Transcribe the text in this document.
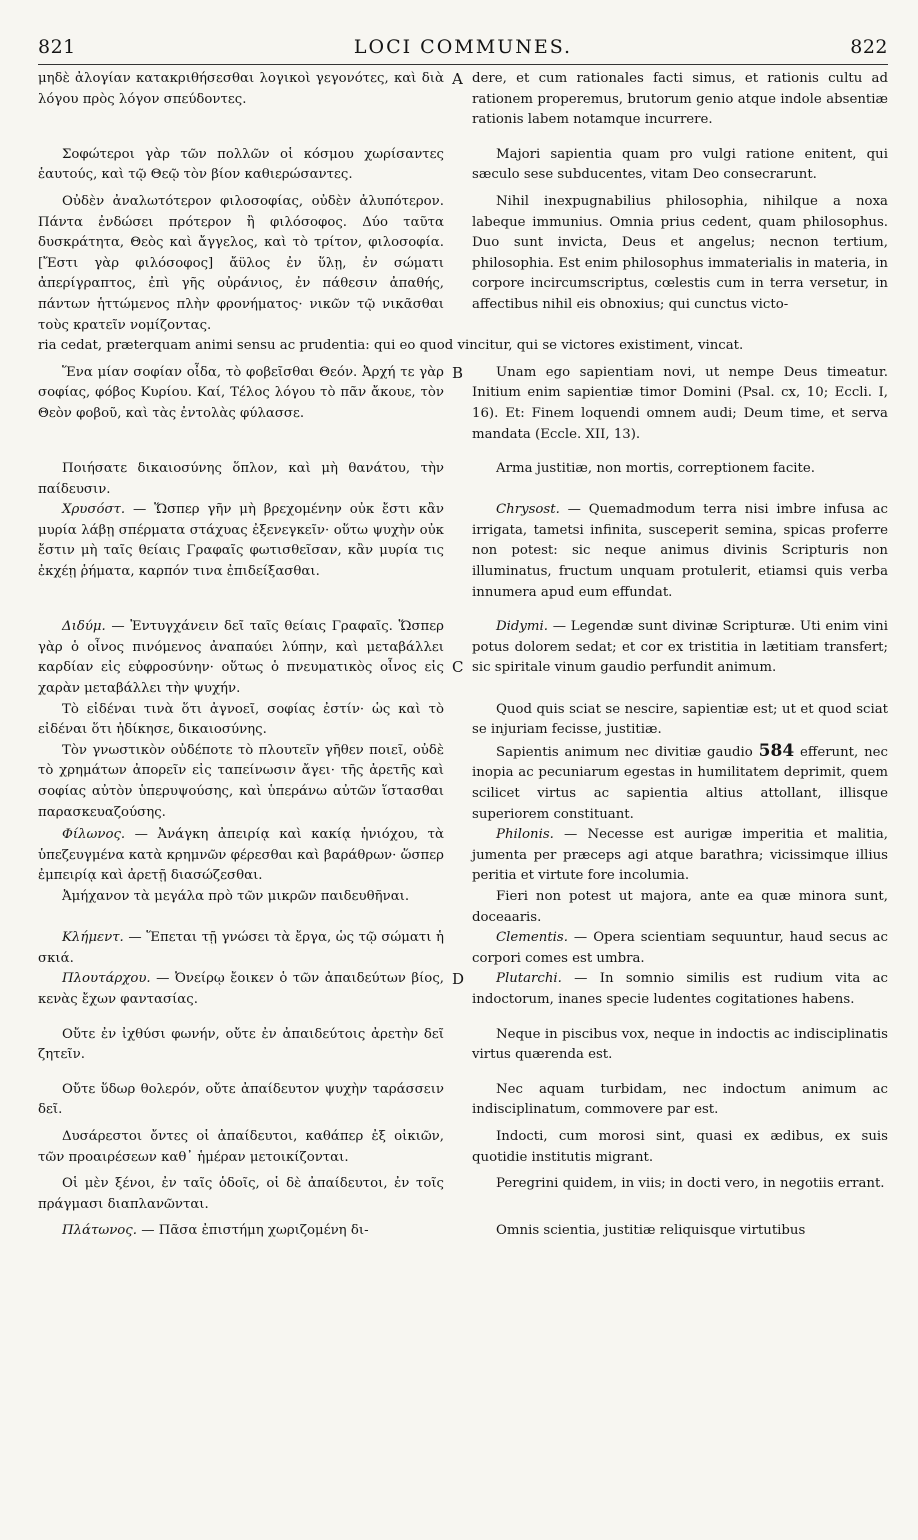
821	LOCI COMMUNES.	822

μηδὲ ἀλογίαν κατακριθήσεσθαι λογικοὶ γεγονότες, καὶ διὰ λόγου πρὸς λόγον σπεύδοντες.

A dere, et cum rationales facti simus, et rationis cultu ad rationem properemus, brutorum genio atque indole absentiæ rationis labem notamque incurrere.

Σοφώτεροι γὰρ τῶν πολλῶν οἱ κόσμου χωρίσαντες ἑαυτούς, καὶ τῷ Θεῷ τὸν βίον καθιερώσαντες.

Majori sapientia quam pro vulgi ratione enitent, qui sæculo sese subducentes, vitam Deo consecrarunt.

Οὐδὲν ἀναλωτότερον φιλοσοφίας, οὐδὲν ἀλυπότερον. Πάντα ἐνδώσει πρότερον ἢ φιλόσοφος. Δύο ταῦτα δυσκράτητα, Θεὸς καὶ ἄγγελος, καὶ τὸ τρίτον, φιλοσοφία. [Ἔστι γὰρ φιλόσοφος] ἄϋλος ἐν ὕλῃ, ἐν σώματι ἀπερίγραπτος, ἐπὶ γῆς οὐράνιος, ἐν πάθεσιν ἀπαθής, πάντων ἡττώμενος πλὴν φρονήματος· νικῶν τῷ νικᾶσθαι τοὺς κρατεῖν νομίζοντας.

Nihil inexpugnabilius philosophia, nihilque a noxa labeque immunius. Omnia prius cedent, quam philosophus. Duo sunt invicta, Deus et angelus; necnon tertium, philosophia. Est enim philosophus immaterialis in materia, in corpore incircumscriptus, cœlestis cum in terra versetur, in affectibus nihil eis obnoxius; qui cunctus victo-

ria cedat, præterquam animi sensu ac prudentia: qui eo quod vincitur, qui se victores existiment, vincat.

Ἕνα μίαν σοφίαν οἶδα, τὸ φοβεῖσθαι Θεόν. Ἀρχή τε γὰρ σοφίας, φόβος Κυρίου. Καί, Τέλος λόγου τὸ πᾶν ἄκουε, τὸν Θεὸν φοβοῦ, καὶ τὰς ἐντολὰς φύλασσε.

B	Unam ego sapientiam novi, ut nempe Deus timeatur. Initium enim sapientiæ timor Domini (Psal. cx, 10; Eccli. I, 16). Et: Finem loquendi omnem audi; Deum time, et serva mandata (Eccle. XII, 13).

Ποιήσατε δικαιοσύνης ὅπλον, καὶ μὴ θανάτου, τὴν παίδευσιν.

Arma justitiæ, non mortis, correptionem facite.

Χρυσόστ. — Ὥσπερ γῆν μὴ βρεχομένην οὐκ ἔστι κἂν μυρία λάβῃ σπέρματα στάχυας ἐξενεγκεῖν· οὕτω ψυχὴν οὐκ ἔστιν μὴ ταῖς θείαις Γραφαῖς φωτισθεῖσαν, κἂν μυρία τις ἐκχέῃ ῥήματα, καρπόν τινα ἐπιδείξασθαι.

Chrysost. — Quemadmodum terra nisi imbre infusa ac irrigata, tametsi infinita, susceperit semina, spicas proferre non potest: sic neque animus divinis Scripturis non illuminatus, fructum unquam protulerit, etiamsi quis verba innumera apud eum effundat.

Διδύμ. — Ἐντυγχάνειν δεῖ ταῖς θείαις Γραφαῖς. Ὥσπερ γὰρ ὁ οἶνος πινόμενος ἀναπαύει λύπην, καὶ μεταβάλλει καρδίαν εἰς εὐφροσύνην· οὕτως ὁ πνευματικὸς οἶνος εἰς χαρὰν μεταβάλλει τὴν ψυχήν.

C

Didymi. — Legendæ sunt divinæ Scripturæ. Uti enim vini potus dolorem sedat; et cor ex tristitia in lætitiam transfert; sic spiritale vinum gaudio perfundit animum.

Τὸ εἰδέναι τινὰ ὅτι ἀγνοεῖ, σοφίας ἐστίν· ὡς καὶ τὸ εἰδέναι ὅτι ἠδίκησε, δικαιοσύνης.

Quod quis sciat se nescire, sapientiæ est; ut et quod sciat se injuriam fecisse, justitiæ.

Τὸν γνωστικὸν οὐδέποτε τὸ πλουτεῖν γῆθεν ποιεῖ, οὐδὲ τὸ χρημάτων ἀπορεῖν εἰς ταπείνωσιν ἄγει· τῆς ἀρετῆς καὶ σοφίας αὐτὸν ὑπερυψούσης, καὶ ὑπεράνω αὐτῶν ἵστασθαι παρασκευαζούσης.

Sapientis animum nec divitiæ gaudio 584 efferunt, nec inopia ac pecuniarum egestas in humilitatem deprimit, quem scilicet virtus ac sapientia altius attollant, illisque superiorem constituant.

Φίλωνος. — Ἀνάγκη ἀπειρίᾳ καὶ κακίᾳ ἡνιόχου, τὰ ὑπεζευγμένα κατὰ κρημνῶν φέρεσθαι καὶ βαράθρων· ὥσπερ ἐμπειρίᾳ καὶ ἀρετῇ διασώζεσθαι.

Philonis. — Necesse est aurigæ imperitia et malitia, jumenta per præceps agi atque barathra; vicissimque illius peritia et virtute fore incolumia.

Ἀμήχανον τὰ μεγάλα πρὸ τῶν μικρῶν παιδευθῆναι.	Fieri non potest ut majora, ante ea quæ minora sunt, doceaaris.

Κλήμεντ. — Ἕπεται τῇ γνώσει τὰ ἔργα, ὡς τῷ σώματι ἡ σκιά.

Clementis. — Opera scientiam sequuntur, haud secus ac corpori comes est umbra.

Πλουτάρχου. — Ὀνείρῳ ἔοικεν ὁ τῶν ἀπαιδεύτων βίος, κενὰς ἔχων φαντασίας.

D	Plutarchi. — In somnio similis est rudium vita ac indoctorum, inanes specie ludentes cogitationes habens.

Οὔτε ἐν ἰχθύσι φωνήν, οὔτε ἐν ἀπαιδεύτοις ἀρετὴν δεῖ ζητεῖν.

Neque in piscibus vox, neque in indoctis ac indisciplinatis virtus quærenda est.

Οὔτε ὕδωρ θολερόν, οὔτε ἀπαίδευτον ψυχὴν ταράσσειν δεῖ.

Nec aquam turbidam, nec indoctum animum ac indisciplinatum, commovere par est.

Δυσάρεστοι ὄντες οἱ ἀπαίδευτοι, καθάπερ ἐξ οἰκιῶν, τῶν προαιρέσεων καθ᾽ ἡμέραν μετοικίζονται.

Indocti, cum morosi sint, quasi ex ædibus, ex suis quotidie institutis migrant.

Οἱ μὲν ξένοι, ἐν ταῖς ὁδοῖς, οἱ δὲ ἀπαίδευτοι, ἐν τοῖς πράγμασι διαπλανῶνται.

Peregrini quidem, in viis; in docti vero, in negotiis errant.

Πλάτωνος. — Πᾶσα ἐπιστήμη χωριζομένη δι-	Omnis scientia, justitiæ reliquisque virtutibus
